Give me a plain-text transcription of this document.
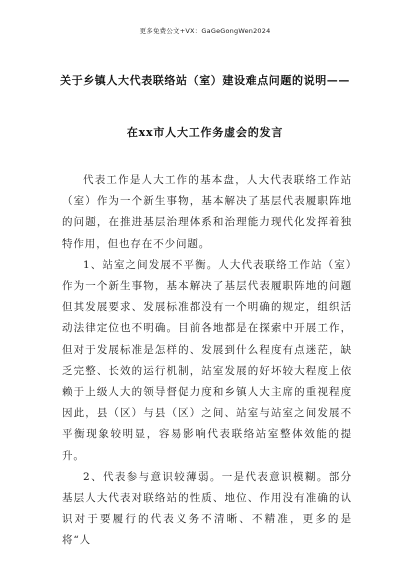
更多免费公文+VX：GaGeGongWen2024
关于乡镇人大代表联络站（室）建设难点问题的说明——
在xx市人大工作务虚会的发言

代表工作是人大工作的基本盘，人大代表联络工作站（室）作为一个新生事物，基本解决了基层代表履职阵地的问题，在推进基层治理体系和治理能力现代化发挥着独特作用，但也存在不少问题。

1、站室之间发展不平衡。人大代表联络工作站（室）作为一个新生事物，基本解决了基层代表履职阵地的问题但其发展要求、发展标准都没有一个明确的规定，组织活动法律定位也不明确。目前各地都是在探索中开展工作，但对于发展标准是怎样的、发展到什么程度有点迷茫，缺乏完整、长效的运行机制，站室发展的好坏较大程度上依赖于上级人大的领导督促力度和乡镇人大主席的重视程度因此，县（区）与县（区）之间、站室与站室之间发展不平衡现象较明显，容易影响代表联络站室整体效能的提升。

2、代表参与意识较薄弱。一是代表意识模糊。部分基层人大代表对联络站的性质、地位、作用没有准确的认识对于要履行的代表义务不清晰、不精准，更多的是将“人
